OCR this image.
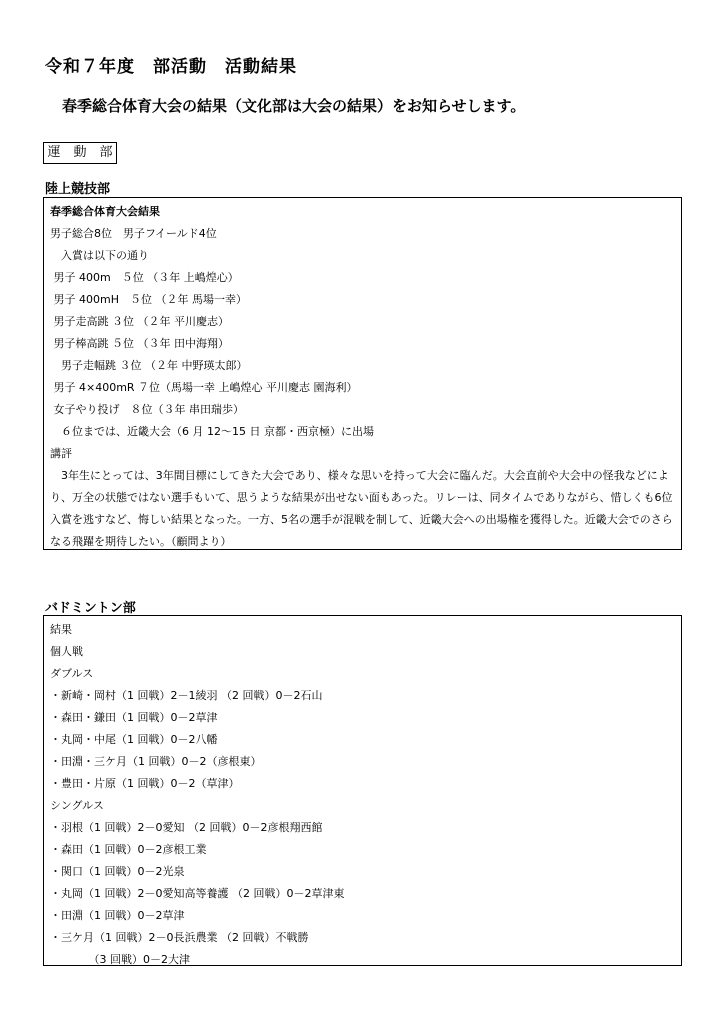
令和７年度　部活動　活動結果
春季総合体育大会の結果（文化部は大会の結果）をお知らせします。
運　動　部
陸上競技部
春季総合体育大会結果
男子総合8位　男子フイールド4位
　入賞は以下の通り
男子 400m　５位 （３年 上嶋煌心）
男子 400mH　５位 （２年 馬場一幸）
男子走高跳 ３位 （２年 平川慶志）
男子棒高跳 ５位 （３年 田中海翔）
　男子走幅跳 ３位 （２年 中野瑛太郎）
男子 4×400mR ７位（馬場一幸 上嶋煌心 平川慶志 園海利）
女子やり投げ　８位（３年 串田瑞歩）
　６位までは、近畿大会（6 月 12～15 日 京都・西京極）に出場
講評
　3年生にとっては、3年間目標にしてきた大会であり、様々な思いを持って大会に臨んだ。大会直前や大会中の怪我などにより、万全の状態ではない選手もいて、思うような結果が出せない面もあった。リレーは、同タイムでありながら、惜しくも6位入賞を逃すなど、悔しい結果となった。一方、5名の選手が混戦を制して、近畿大会への出場権を獲得した。近畿大会でのさらなる飛躍を期待したい。（顧問より）
バドミントン部
結果
個人戦
ダブルス
・新崎・岡村（1 回戦）2－1綾羽 （2 回戦）0－2石山
・森田・鎌田（1 回戦）0－2草津
・丸岡・中尾（1 回戦）0－2八幡
・田淵・三ケ月（1 回戦）0－2（彦根東）
・豊田・片原（1 回戦）0－2（草津）
シングルス
・羽根（1 回戦）2－0愛知 （2 回戦）0－2彦根翔西館
・森田（1 回戦）0－2彦根工業
・関口（1 回戦）0－2光泉
・丸岡（1 回戦）2－0愛知高等養護 （2 回戦）0－2草津東
・田淵（1 回戦）0－2草津
・三ケ月（1 回戦）2－0長浜農業 （2 回戦）不戦勝
　　　　（3 回戦）0－2大津
